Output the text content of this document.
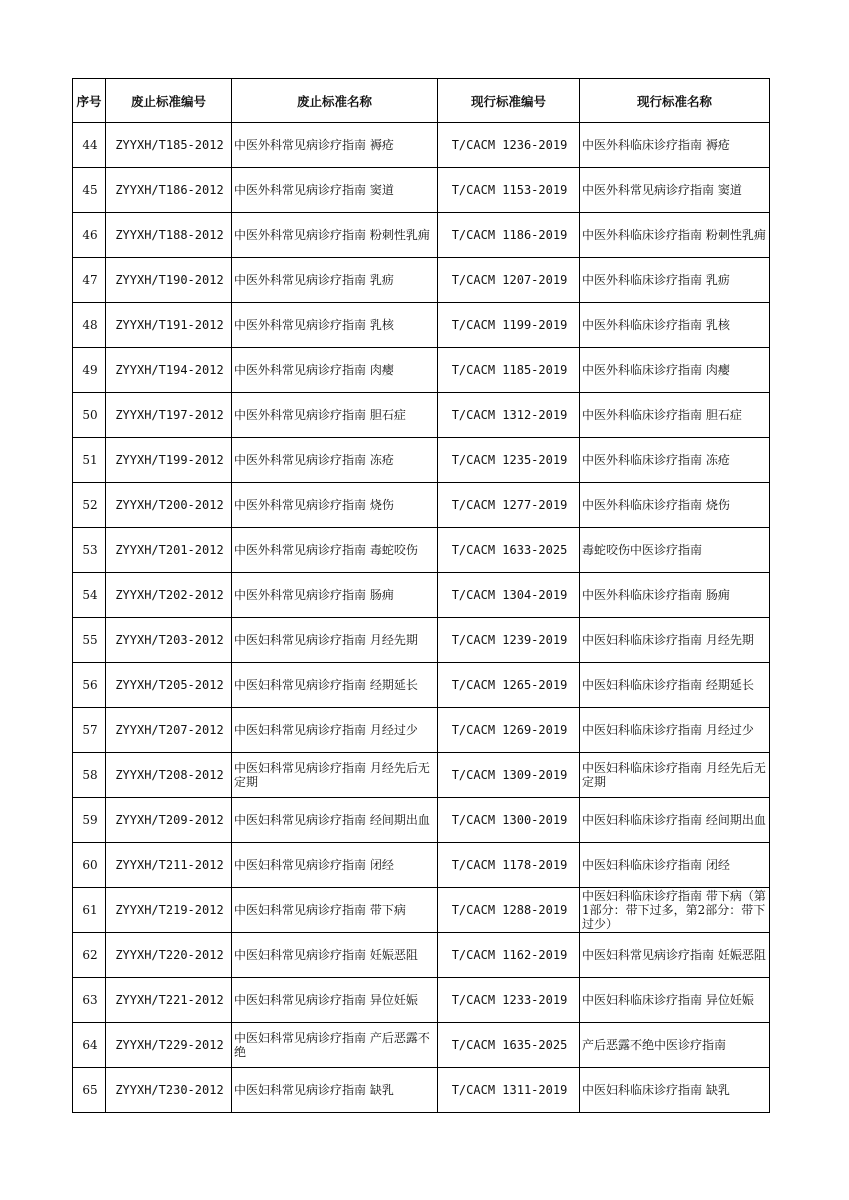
序号	废止标准编号	废止标准名称	现行标准编号	现行标准名称
44	ZYYXH/T185-2012	中医外科常见病诊疗指南 褥疮	T/CACM 1236-2019	中医外科临床诊疗指南 褥疮
45	ZYYXH/T186-2012	中医外科常见病诊疗指南 窦道	T/CACM 1153-2019	中医外科常见病诊疗指南 窦道
46	ZYYXH/T188-2012	中医外科常见病诊疗指南 粉刺性乳痈	T/CACM 1186-2019	中医外科临床诊疗指南 粉刺性乳痈
47	ZYYXH/T190-2012	中医外科常见病诊疗指南 乳疬	T/CACM 1207-2019	中医外科临床诊疗指南 乳疬
48	ZYYXH/T191-2012	中医外科常见病诊疗指南 乳核	T/CACM 1199-2019	中医外科临床诊疗指南 乳核
49	ZYYXH/T194-2012	中医外科常见病诊疗指南 肉瘿	T/CACM 1185-2019	中医外科临床诊疗指南 肉瘿
50	ZYYXH/T197-2012	中医外科常见病诊疗指南 胆石症	T/CACM 1312-2019	中医外科临床诊疗指南 胆石症
51	ZYYXH/T199-2012	中医外科常见病诊疗指南 冻疮	T/CACM 1235-2019	中医外科临床诊疗指南 冻疮
52	ZYYXH/T200-2012	中医外科常见病诊疗指南 烧伤	T/CACM 1277-2019	中医外科临床诊疗指南 烧伤
53	ZYYXH/T201-2012	中医外科常见病诊疗指南 毒蛇咬伤	T/CACM 1633-2025	毒蛇咬伤中医诊疗指南
54	ZYYXH/T202-2012	中医外科常见病诊疗指南 肠痈	T/CACM 1304-2019	中医外科临床诊疗指南 肠痈
55	ZYYXH/T203-2012	中医妇科常见病诊疗指南 月经先期	T/CACM 1239-2019	中医妇科临床诊疗指南 月经先期
56	ZYYXH/T205-2012	中医妇科常见病诊疗指南 经期延长	T/CACM 1265-2019	中医妇科临床诊疗指南 经期延长
57	ZYYXH/T207-2012	中医妇科常见病诊疗指南 月经过少	T/CACM 1269-2019	中医妇科临床诊疗指南 月经过少
58	ZYYXH/T208-2012	中医妇科常见病诊疗指南 月经先后无定期	T/CACM 1309-2019	中医妇科临床诊疗指南 月经先后无定期
59	ZYYXH/T209-2012	中医妇科常见病诊疗指南 经间期出血	T/CACM 1300-2019	中医妇科临床诊疗指南 经间期出血
60	ZYYXH/T211-2012	中医妇科常见病诊疗指南 闭经	T/CACM 1178-2019	中医妇科临床诊疗指南 闭经
61	ZYYXH/T219-2012	中医妇科常见病诊疗指南 带下病	T/CACM 1288-2019	中医妇科临床诊疗指南 带下病（第1部分：带下过多，第2部分：带下过少）
62	ZYYXH/T220-2012	中医妇科常见病诊疗指南 妊娠恶阻	T/CACM 1162-2019	中医妇科常见病诊疗指南 妊娠恶阻
63	ZYYXH/T221-2012	中医妇科常见病诊疗指南 异位妊娠	T/CACM 1233-2019	中医妇科临床诊疗指南 异位妊娠
64	ZYYXH/T229-2012	中医妇科常见病诊疗指南 产后恶露不绝	T/CACM 1635-2025	产后恶露不绝中医诊疗指南
65	ZYYXH/T230-2012	中医妇科常见病诊疗指南 缺乳	T/CACM 1311-2019	中医妇科临床诊疗指南 缺乳
